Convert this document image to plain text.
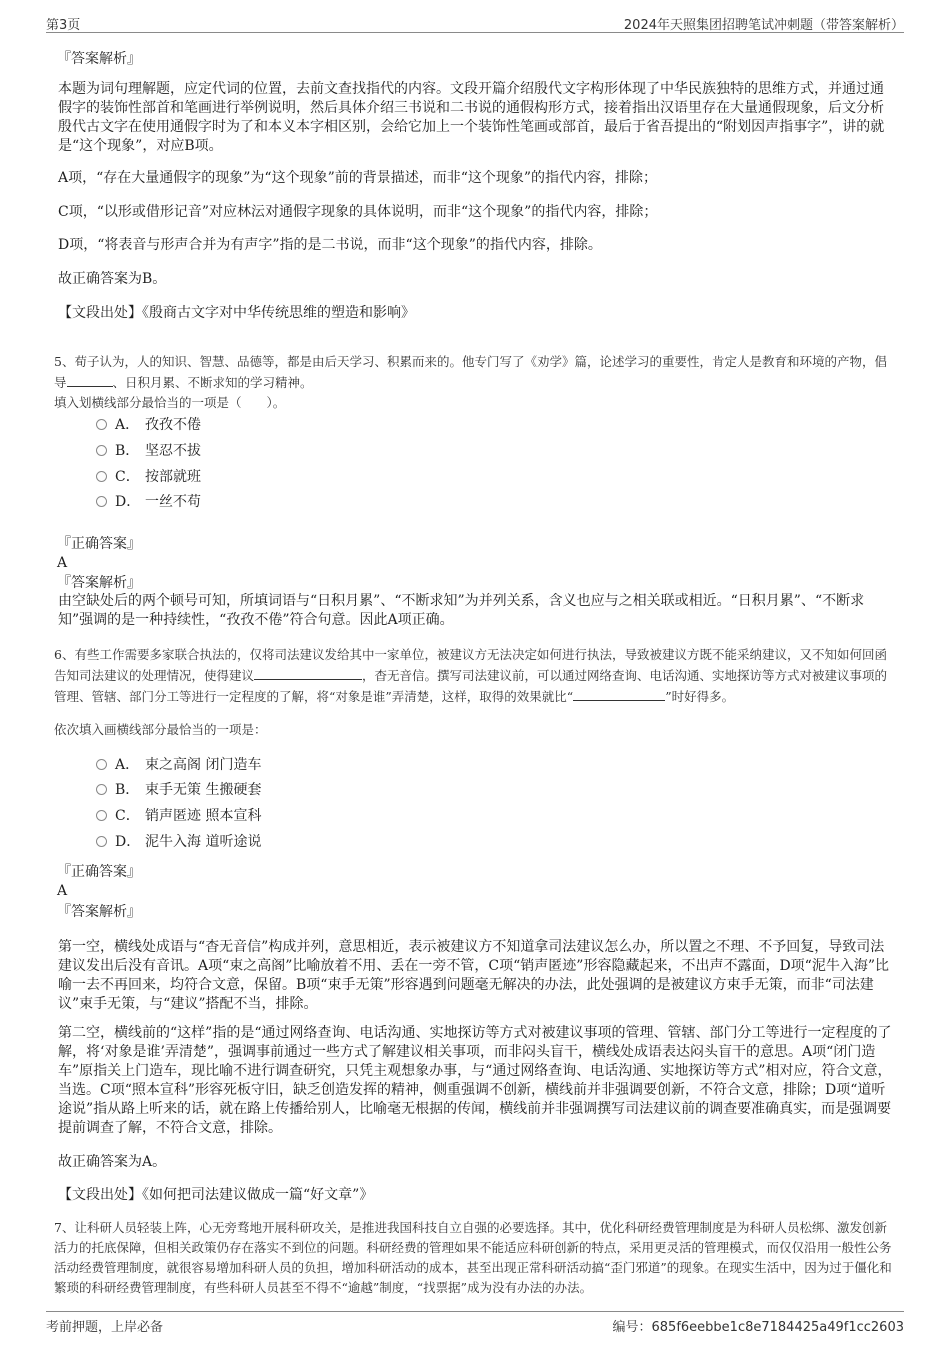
第3页	2024年天照集团招聘笔试冲刺题（带答案解析）

『答案解析』

本题为词句理解题，应定代词的位置，去前文查找指代的内容。文段开篇介绍殷代文字构形体现了中华民族独特的思维方式，并通过通假字的装饰性部首和笔画进行举例说明，然后具体介绍三书说和二书说的通假构形方式，接着指出汉语里存在大量通假现象，后文分析殷代古文字在使用通假字时为了和本义本字相区别，会给它加上一个装饰性笔画或部首，最后于省吾提出的“附划因声指事字”，讲的就是“这个现象”，对应B项。

A项，“存在大量通假字的现象”为“这个现象”前的背景描述，而非“这个现象”的指代内容，排除；

C项，“以形或借形记音”对应林沄对通假字现象的具体说明，而非“这个现象”的指代内容，排除；

D项，“将表音与形声合并为有声字”指的是二书说，而非“这个现象”的指代内容，排除。

故正确答案为B。

【文段出处】《殷商古文字对中华传统思维的塑造和影响》

5、荀子认为，人的知识、智慧、品德等，都是由后天学习、积累而来的。他专门写了《劝学》篇，论述学习的重要性，肯定人是教育和环境的产物，倡导	、日积月累、不断求知的学习精神。

填入划横线部分最恰当的一项是（　　）。

A． 孜孜不倦
B． 坚忍不拔
C． 按部就班
D． 一丝不苟

『正确答案』

A

『答案解析』

由空缺处后的两个顿号可知，所填词语与“日积月累”、“不断求知”为并列关系，含义也应与之相关联或相近。“日积月累”、“不断求知”强调的是一种持续性，“孜孜不倦”符合句意。因此A项正确。

6、有些工作需要多家联合执法的，仅将司法建议发给其中一家单位，被建议方无法决定如何进行执法，导致被建议方既不能采纳建议，又不知如何回函告知司法建议的处理情况，使得建议	，杳无音信。撰写司法建议前，可以通过网络查询、电话沟通、实地探访等方式对被建议事项的管理、管辖、部门分工等进行一定程度的了解，将“对象是谁”弄清楚，这样，取得的效果就比“	”时好得多。

依次填入画横线部分最恰当的一项是：

A． 束之高阁 闭门造车
B． 束手无策 生搬硬套
C． 销声匿迹 照本宣科
D． 泥牛入海 道听途说

『正确答案』

A

『答案解析』

第一空，横线处成语与“杳无音信”构成并列，意思相近，表示被建议方不知道拿司法建议怎么办，所以置之不理、不予回复，导致司法建议发出后没有音讯。A项“束之高阁”比喻放着不用、丢在一旁不管，C项“销声匿迹”形容隐藏起来，不出声不露面，D项“泥牛入海”比喻一去不再回来，均符合文意，保留。B项“束手无策”形容遇到问题毫无解决的办法，此处强调的是被建议方束手无策，而非“司法建议”束手无策，与“建议”搭配不当，排除。

第二空，横线前的“这样”指的是“通过网络查询、电话沟通、实地探访等方式对被建议事项的管理、管辖、部门分工等进行一定程度的了解，将‘对象是谁’弄清楚”，强调事前通过一些方式了解建议相关事项，而非闷头盲干，横线处成语表达闷头盲干的意思。A项“闭门造车”原指关上门造车，现比喻不进行调查研究，只凭主观想象办事，与“通过网络查询、电话沟通、实地探访等方式”相对应，符合文意，当选。C项“照本宣科”形容死板守旧，缺乏创造发挥的精神，侧重强调不创新，横线前并非强调要创新，不符合文意，排除；D项“道听途说”指从路上听来的话，就在路上传播给别人，比喻毫无根据的传闻，横线前并非强调撰写司法建议前的调查要准确真实，而是强调要提前调查了解，不符合文意，排除。

故正确答案为A。

【文段出处】《如何把司法建议做成一篇“好文章”》

7、让科研人员轻装上阵，心无旁骛地开展科研攻关，是推进我国科技自立自强的必要选择。其中，优化科研经费管理制度是为科研人员松绑、激发创新活力的托底保障，但相关政策仍存在落实不到位的问题。科研经费的管理如果不能适应科研创新的特点，采用更灵活的管理模式，而仅仅沿用一般性公务活动经费管理制度，就很容易增加科研人员的负担，增加科研活动的成本，甚至出现正常科研活动搞“歪门邪道”的现象。在现实生活中，因为过于僵化和繁琐的科研经费管理制度，有些科研人员甚至不得不“逾越”制度，“找票据”成为没有办法的办法。

考前押题，上岸必备	编号：685f6eebbe1c8e7184425a49f1cc2603
